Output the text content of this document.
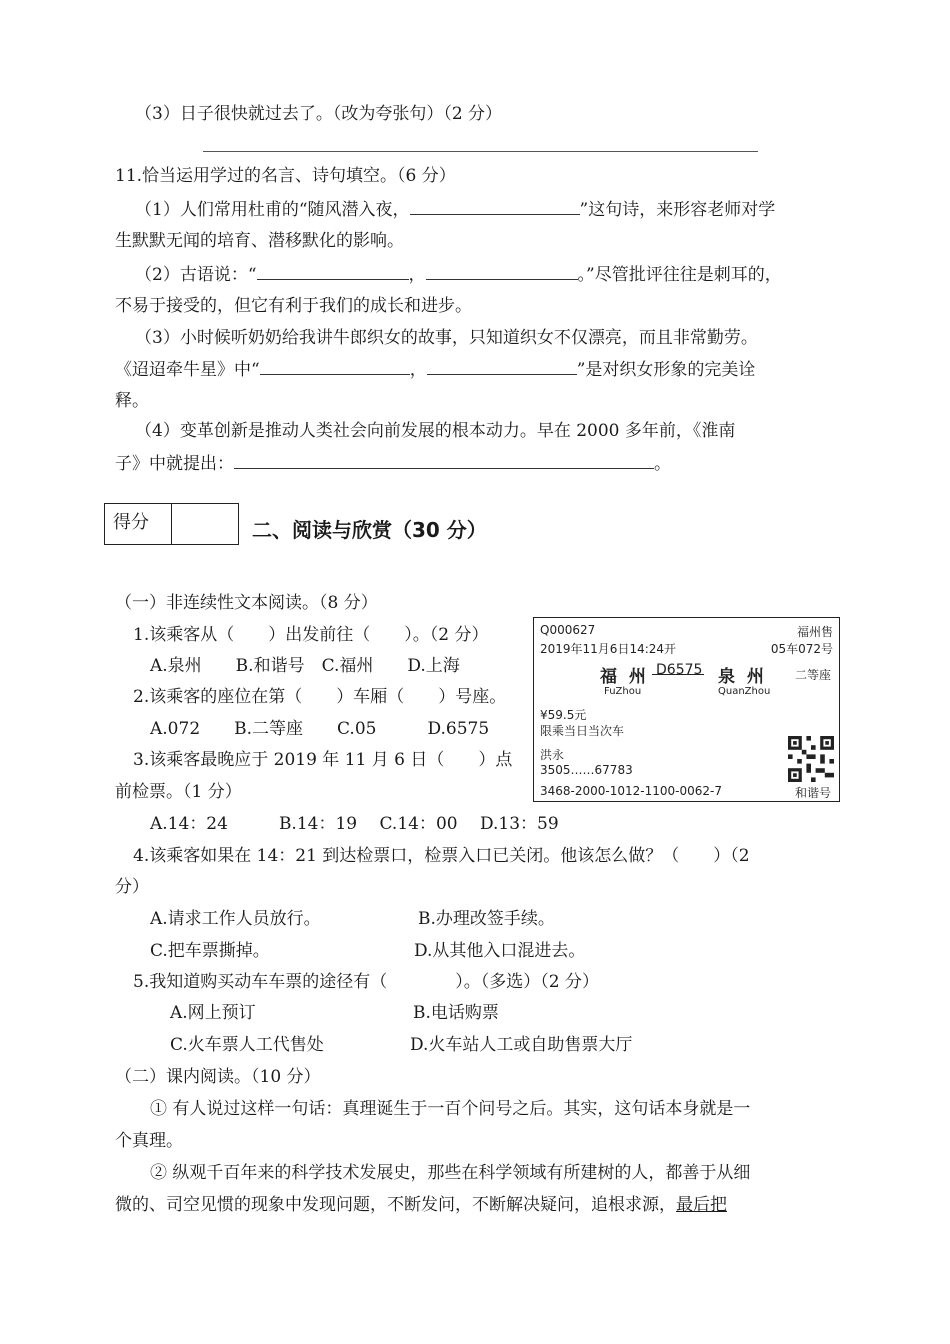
（3）日子很快就过去了。（改为夸张句）（2 分）
11.恰当运用学过的名言、诗句填空。（6 分）
（1）人们常用杜甫的“随风潜入夜，	”这句诗，来形容老师对学
生默默无闻的培育、潜移默化的影响。
（2）古语说：“	，	。”尽管批评往往是刺耳的，
不易于接受的，但它有利于我们的成长和进步。
（3）小时候听奶奶给我讲牛郎织女的故事，只知道织女不仅漂亮，而且非常勤劳。
《迢迢牵牛星》中“	，	”是对织女形象的完美诠
释。
（4）变革创新是推动人类社会向前发展的根本动力。早在 2000 多年前，《淮南
子》中就提出：	。
得分	二、阅读与欣赏（30 分）
（一）非连续性文本阅读。（8 分）
1.该乘客从（　　）出发前往（　　）。（2 分）
A.泉州　　B.和谐号　C.福州　　D.上海
2.该乘客的座位在第（　　）车厢（　　）号座。
A.072　　B.二等座　　C.05　　　D.6575
3.该乘客最晚应于 2019 年 11 月 6 日（　　）点
前检票。（1 分）
A.14：24　　　B.14：19　 C.14：00　 D.13：59
4.该乘客如果在 14：21 到达检票口，检票入口已关闭。他该怎么做？（　　）（2
分）
A.请求工作人员放行。	B.办理改签手续。
C.把车票撕掉。	D.从其他入口混进去。
5.我知道购买动车车票的途径有（　　　　）。（多选）（2 分）
A.网上预订	B.电话购票
C.火车票人工代售处	D.火车站人工或自助售票大厅
Q000627	福州售
2019年11月6日14:24开	05车072号
福 州 D6575 泉 州 二等座
FuZhou	QuanZhou
¥59.5元
限乘当日当次车
洪永
3505……67783
3468-2000-1012-1100-0062-7	和谐号
（二）课内阅读。（10 分）
① 有人说过这样一句话：真理诞生于一百个问号之后。其实，这句话本身就是一
个真理。
② 纵观千百年来的科学技术发展史，那些在科学领域有所建树的人，都善于从细
微的、司空见惯的现象中发现问题，不断发问，不断解决疑问，追根求源，最后把
